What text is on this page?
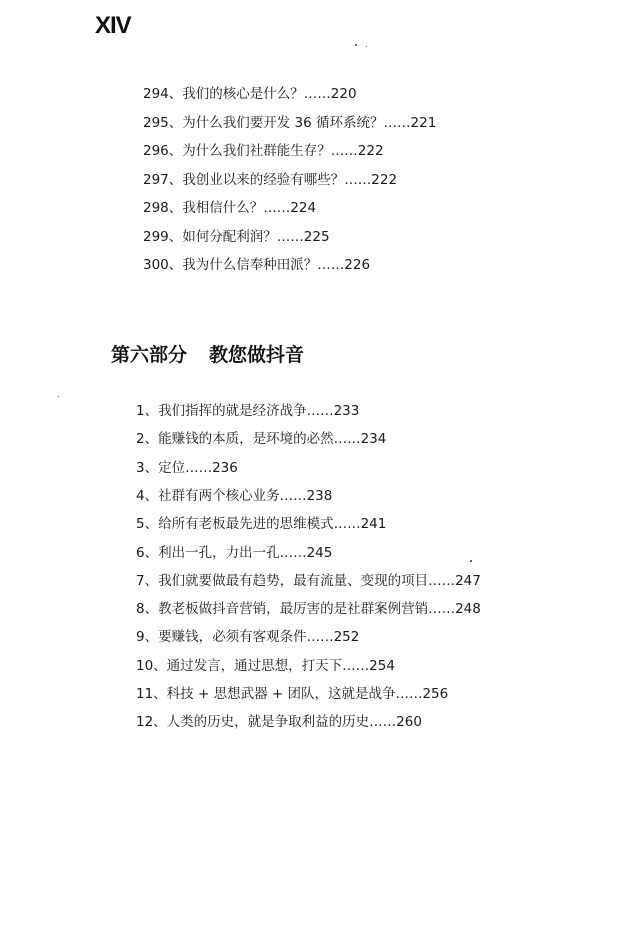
XIV
294、我们的核心是什么？……220
295、为什么我们要开发 36 循环系统？……221
296、为什么我们社群能生存？……222
297、我创业以来的经验有哪些？……222
298、我相信什么？……224
299、如何分配利润？……225
300、我为什么信奉种田派？……226
第六部分 教您做抖音
1、我们指挥的就是经济战争……233
2、能赚钱的本质，是环境的必然……234
3、定位……236
4、社群有两个核心业务……238
5、给所有老板最先进的思维模式……241
6、利出一孔，力出一孔……245
7、我们就要做最有趋势，最有流量、变现的项目……247
8、教老板做抖音营销，最厉害的是社群案例营销……248
9、要赚钱，必须有客观条件……252
10、通过发言，通过思想，打天下……254
11、科技 + 思想武器 + 团队，这就是战争……256
12、人类的历史，就是争取利益的历史……260
